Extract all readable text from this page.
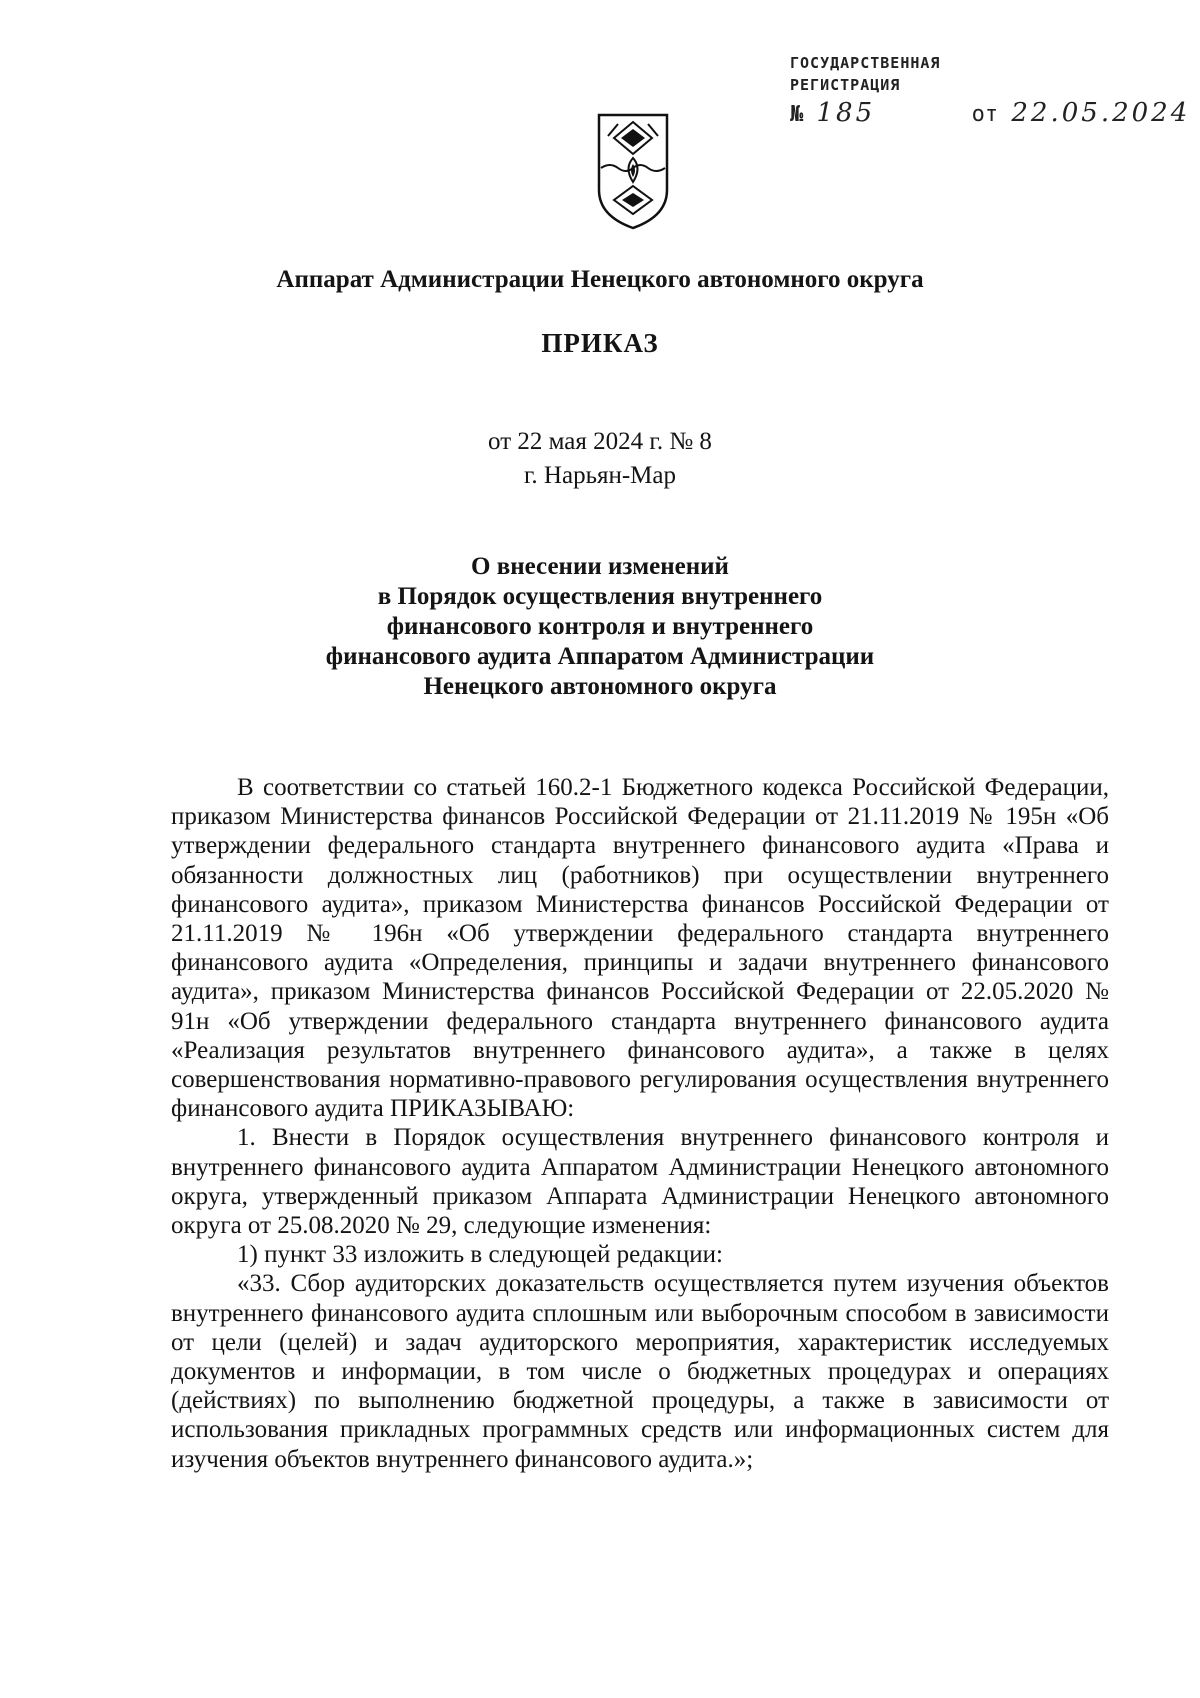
ГОСУДАРСТВЕННАЯ
РЕГИСТРАЦИЯ
№ 185	от 22.05.2024
Аппарат Администрации Ненецкого автономного округа
ПРИКАЗ
от 22 мая 2024 г. № 8
г. Нарьян-Мар
О внесении изменений
в Порядок осуществления внутреннего
финансового контроля и внутреннего
финансового аудита Аппаратом Администрации
Ненецкого автономного округа

В соответствии со статьей 160.2-1 Бюджетного кодекса Российской Федерации, приказом Министерства финансов Российской Федерации от 21.11.2019 № 195н «Об утверждении федерального стандарта внутреннего финансового аудита «Права и обязанности должностных лиц (работников) при осуществлении внутреннего финансового аудита», приказом Министерства финансов Российской Федерации от 21.11.2019 № 196н «Об утверждении федерального стандарта внутреннего финансового аудита «Определения, принципы и задачи внутреннего финансового аудита», приказом Министерства финансов Российской Федерации от 22.05.2020 № 91н «Об утверждении федерального стандарта внутреннего финансового аудита «Реализация результатов внутреннего финансового аудита», а также в целях совершенствования нормативно-правового регулирования осуществления внутреннего финансового аудита ПРИКАЗЫВАЮ:

1. Внести в Порядок осуществления внутреннего финансового контроля и внутреннего финансового аудита Аппаратом Администрации Ненецкого автономного округа, утвержденный приказом Аппарата Администрации Ненецкого автономного округа от 25.08.2020 № 29, следующие изменения:

1) пункт 33 изложить в следующей редакции:

«33. Сбор аудиторских доказательств осуществляется путем изучения объектов внутреннего финансового аудита сплошным или выборочным способом в зависимости от цели (целей) и задач аудиторского мероприятия, характеристик исследуемых документов и информации, в том числе о бюджетных процедурах и операциях (действиях) по выполнению бюджетной процедуры, а также в зависимости от использования прикладных программных средств или информационных систем для изучения объектов внутреннего финансового аудита.»;
